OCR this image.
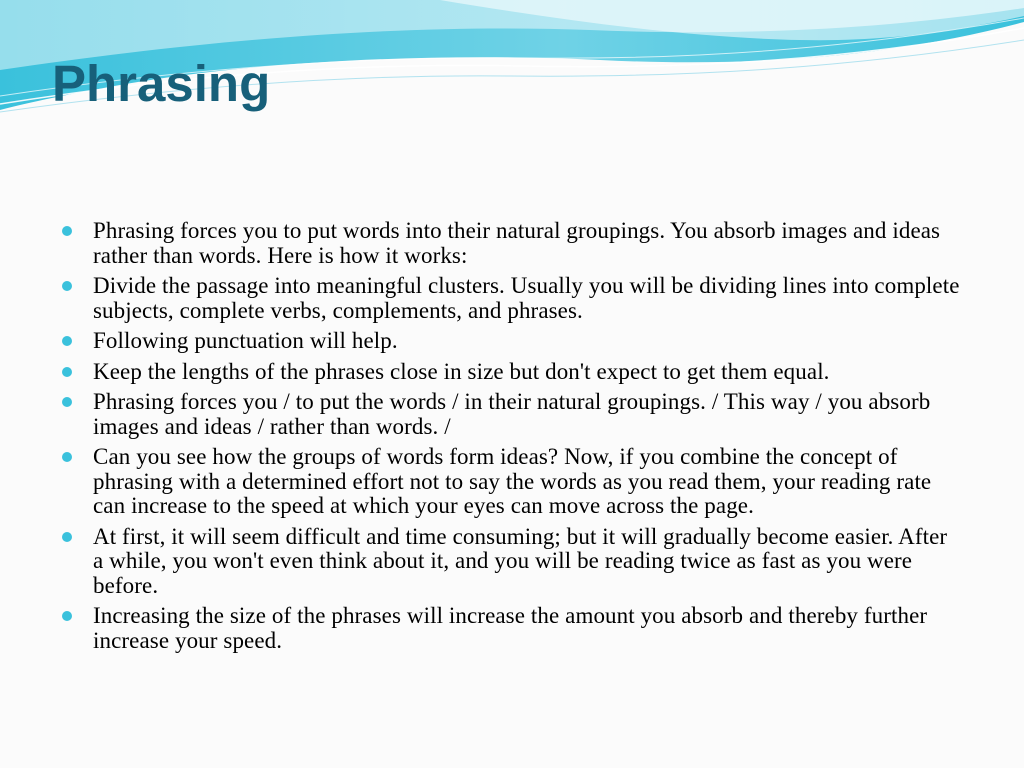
Phrasing
Phrasing forces you to put words into their natural groupings. You absorb images and ideas rather than words. Here is how it works:
Divide the passage into meaningful clusters. Usually you will be dividing lines into complete subjects, complete verbs, complements, and phrases.
Following punctuation will help.
Keep the lengths of the phrases close in size but don't expect to get them equal.
Phrasing forces you / to put the words / in their natural groupings. / This way / you absorb images and ideas / rather than words. /
Can you see how the groups of words form ideas? Now, if you combine the concept of phrasing with a determined effort not to say the words as you read them, your reading rate can increase to the speed at which your eyes can move across the page.
At first, it will seem difficult and time consuming; but it will gradually become easier. After a while, you won't even think about it, and you will be reading twice as fast as you were before.
Increasing the size of the phrases will increase the amount you absorb and thereby further increase your speed.
